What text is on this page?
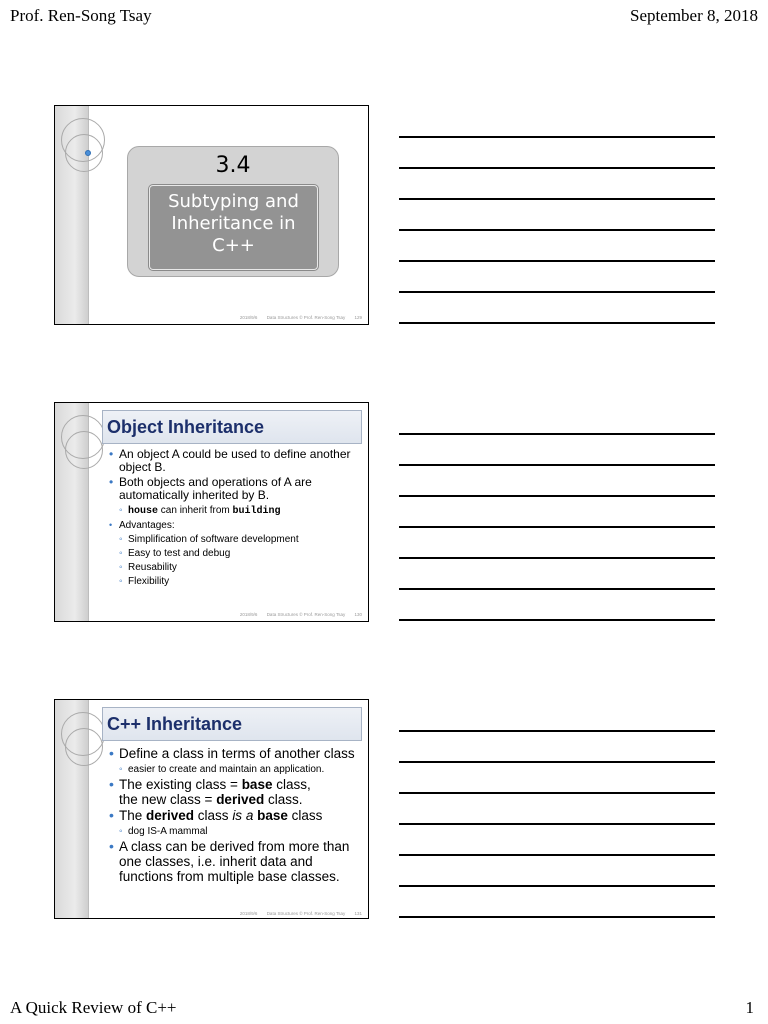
Prof. Ren-Song Tsay	September 8, 2018
A Quick Review of C++	1
3.4
Subtyping and
Inheritance in
C++
2018/9/6 Data Structures © Prof. Ren-Song Tsay 129
Object Inheritance
• An object A could be used to define another object B.
• Both objects and operations of A are automatically inherited by B.
◦ house can inherit from building
• Advantages:
◦ Simplification of software development
◦ Easy to test and debug
◦ Reusability
◦ Flexibility
2018/9/6 Data Structures © Prof. Ren-Song Tsay 130
C++ Inheritance
• Define a class in terms of another class
◦ easier to create and maintain an application.
• The existing class = base class,
the new class = derived class.
• The derived class is a base class
◦ dog IS-A mammal
• A class can be derived from more than one classes, i.e. inherit data and functions from multiple base classes.
2018/9/6 Data Structures © Prof. Ren-Song Tsay 131
